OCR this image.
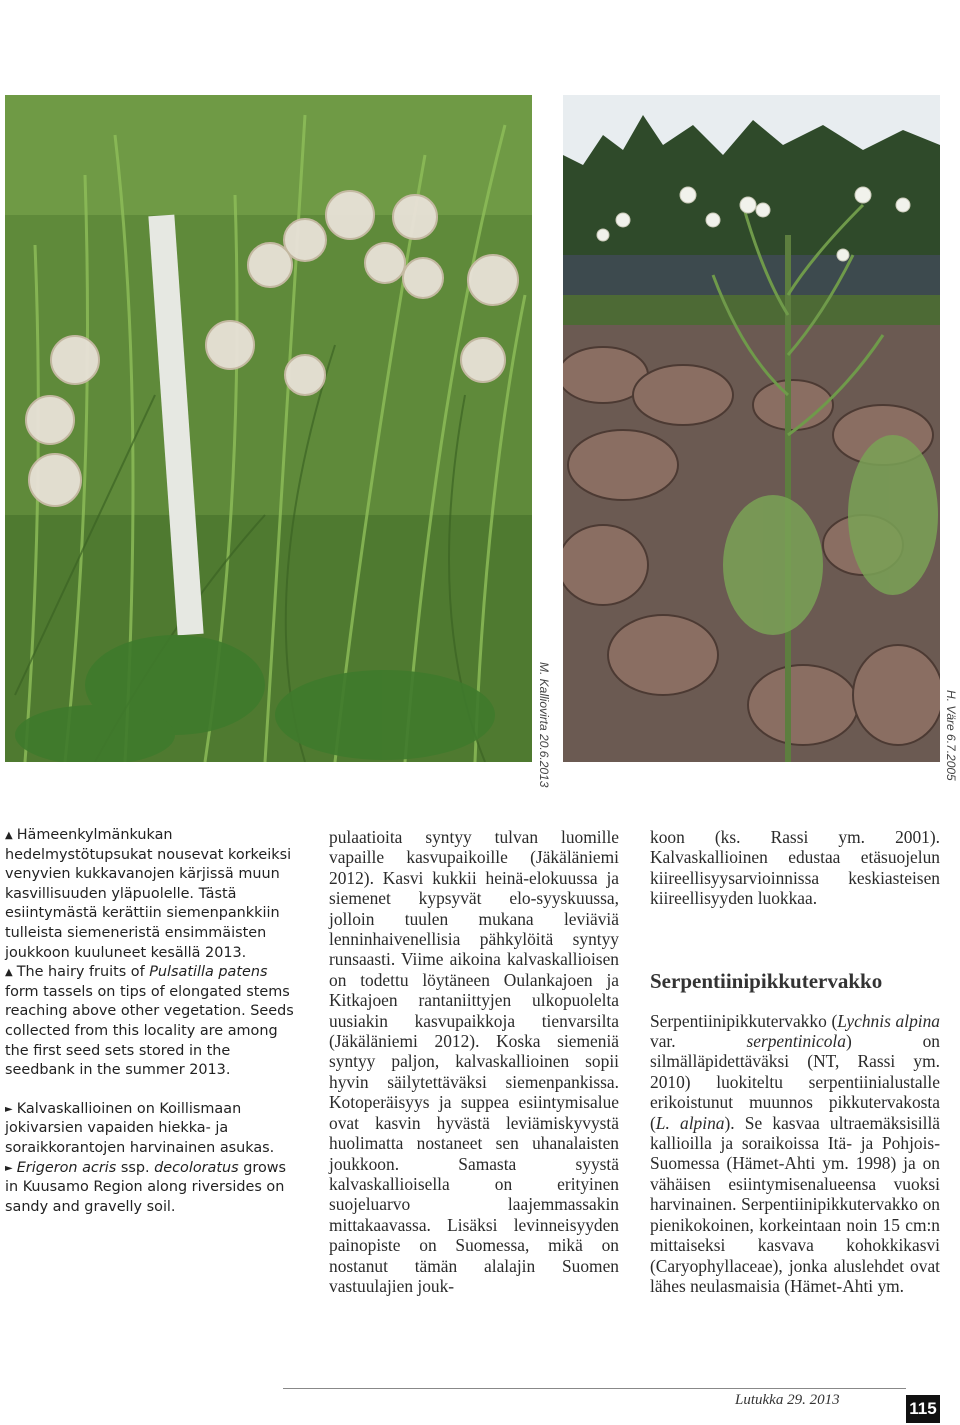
M. Kalliovirta 20.6.2013	H. Väre 6.7.2005

▲ Hämeenkylmänkukan hedelmystötupsukat nousevat korkeiksi venyvien kukkavanojen kärjissä muun kasvillisuuden yläpuolelle. Tästä esiintymästä kerättiin siemenpankkiin tulleista siemeneristä ensimmäisten joukkoon kuuluneet kesällä 2013.

▲ The hairy fruits of Pulsatilla patens form tassels on tips of elongated stems reaching above other vegetation. Seeds collected from this locality are among the first seed sets stored in the seedbank in the summer 2013.

► Kalvaskallioinen on Koillismaan jokivarsien vapaiden hiekka- ja soraikkorantojen harvinainen asukas.

► Erigeron acris ssp. decoloratus grows in Kuusamo Region along riversides on sandy and gravelly soil.

pulaatioita syntyy tulvan luomille vapaille kasvupaikoille (Jäkäläniemi 2012). Kasvi kukkii heinä-elokuussa ja siemenet kypsyvät elo-syyskuussa, jolloin tuulen mukana leviäviä lenninhaivenellisia pähkylöitä syntyy runsaasti. Viime aikoina kalvaskallioisen on todettu löytäneen Oulankajoen ja Kitkajoen rantaniittyjen ulkopuolelta uusiakin kasvupaikkoja tienvarsilta (Jäkäläniemi 2012). Koska siemeniä syntyy paljon, kalvaskallioinen sopii hyvin säilytettäväksi siemenpankissa. Kotoperäisyys ja suppea esiintymisalue ovat kasvin hyvästä leviämiskyvystä huolimatta nostaneet sen uhanalaisten joukkoon. Samasta syystä kalvaskallioisella on erityinen suojeluarvo laajemmassakin mittakaavassa. Lisäksi levinneisyyden painopiste on Suomessa, mikä on nostanut tämän alalajin Suomen vastuulajien jouk-

koon (ks. Rassi ym. 2001). Kalvaskallioinen edustaa etäsuojelun kiireellisyysarvioinnissa keskiasteisen kiireellisyyden luokkaa.

Serpentiinipikkutervakko

Serpentiinipikkutervakko (Lychnis alpina var. serpentinicola) on silmälläpidettäväksi (NT, Rassi ym. 2010) luokiteltu serpentiinialustalle erikoistunut muunnos pikkutervakosta (L. alpina). Se kasvaa ultraemäksisillä kallioilla ja soraikoissa Itä- ja Pohjois-Suomessa (Hämet-Ahti ym. 1998) ja on vähäisen esiintymisenalueensa vuoksi harvinainen. Serpentiinipikkutervakko on pienikokoinen, korkeintaan noin 15 cm:n mittaiseksi kasvava kohokkikasvi (Caryophyllaceae), jonka aluslehdet ovat lähes neulasmaisia (Hämet-Ahti ym.

Lutukka 29. 2013	115
